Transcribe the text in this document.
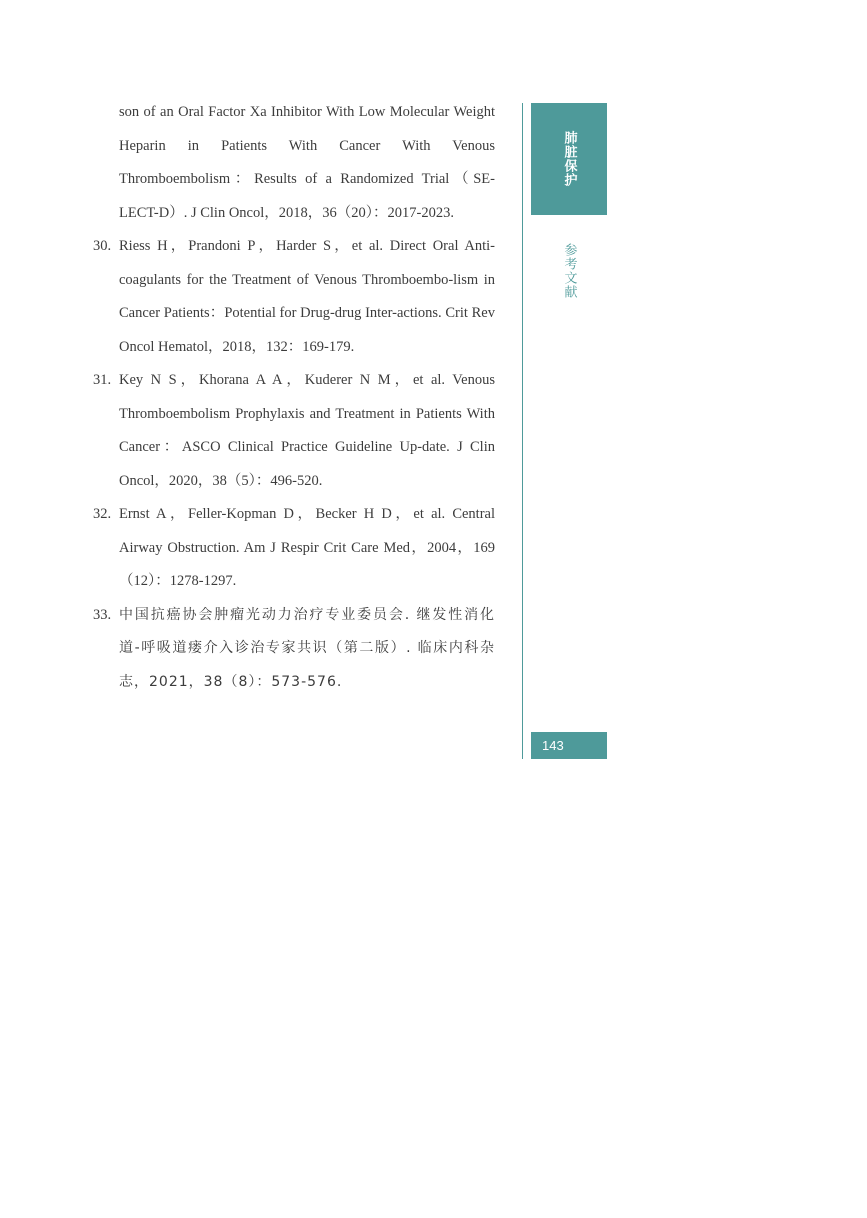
son of an Oral Factor Xa Inhibitor With Low Molecular Weight Heparin in Patients With Cancer With Venous Thromboembolism：Results of a Randomized Trial（SE-LECT-D）. J Clin Oncol，2018，36（20）：2017-2023.
30. Riess H，Prandoni P，Harder S，et al. Direct Oral Anti-coagulants for the Treatment of Venous Thromboembo-lism in Cancer Patients：Potential for Drug-drug Inter-actions. Crit Rev Oncol Hematol，2018，132：169-179.
31. Key N S，Khorana A A，Kuderer N M，et al. Venous Thromboembolism Prophylaxis and Treatment in Patients With Cancer：ASCO Clinical Practice Guideline Up-date. J Clin Oncol，2020，38（5）：496-520.
32. Ernst A，Feller-Kopman D，Becker H D，et al. Central Airway Obstruction. Am J Respir Crit Care Med，2004，169（12）：1278-1297.
33. 中国抗癌协会肿瘤光动力治疗专业委员会. 继发性消化道-呼吸道瘘介入诊治专家共识（第二版）. 临床内科杂志，2021，38（8）：573-576.
肺脏保护
参考文献
143
